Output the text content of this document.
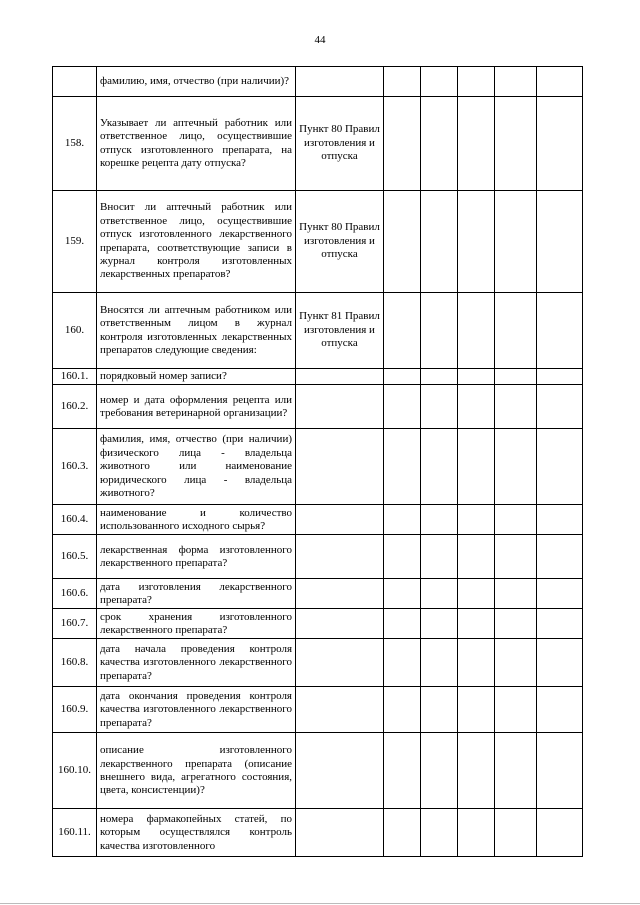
44
	фамилию, имя, отчество (при наличии)?						
158.	Указывает ли аптечный работник или ответственное лицо, осуществившие отпуск изготовленного препарата, на корешке рецепта дату отпуска?	Пункт 80 Правил изготовления и отпуска					
159.	Вносит ли аптечный работник или ответственное лицо, осуществившие отпуск изготовленного лекарственного препарата, соответствующие записи в журнал контроля изготовленных лекарственных препаратов?	Пункт 80 Правил изготовления и отпуска					
160.	Вносятся ли аптечным работником или ответственным лицом в журнал контроля изготовленных лекарственных препаратов следующие сведения:	Пункт 81 Правил изготовления и отпуска					
160.1.	порядковый номер записи?						
160.2.	номер и дата оформления рецепта или требования ветеринарной организации?						
160.3.	фамилия, имя, отчество (при наличии) физического лица - владельца животного или наименование юридического лица - владельца животного?						
160.4.	наименование и количество использованного исходного сырья?						
160.5.	лекарственная форма изготовленного лекарственного препарата?						
160.6.	дата изготовления лекарственного препарата?						
160.7.	срок хранения изготовленного лекарственного препарата?						
160.8.	дата начала проведения контроля качества изготовленного лекарственного препарата?						
160.9.	дата окончания проведения контроля качества изготовленного лекарственного препарата?						
160.10.	описание изготовленного лекарственного препарата (описание внешнего вида, агрегатного состояния, цвета, консистенции)?						
160.11.	номера фармакопейных статей, по которым осуществлялся контроль качества изготовленного						
